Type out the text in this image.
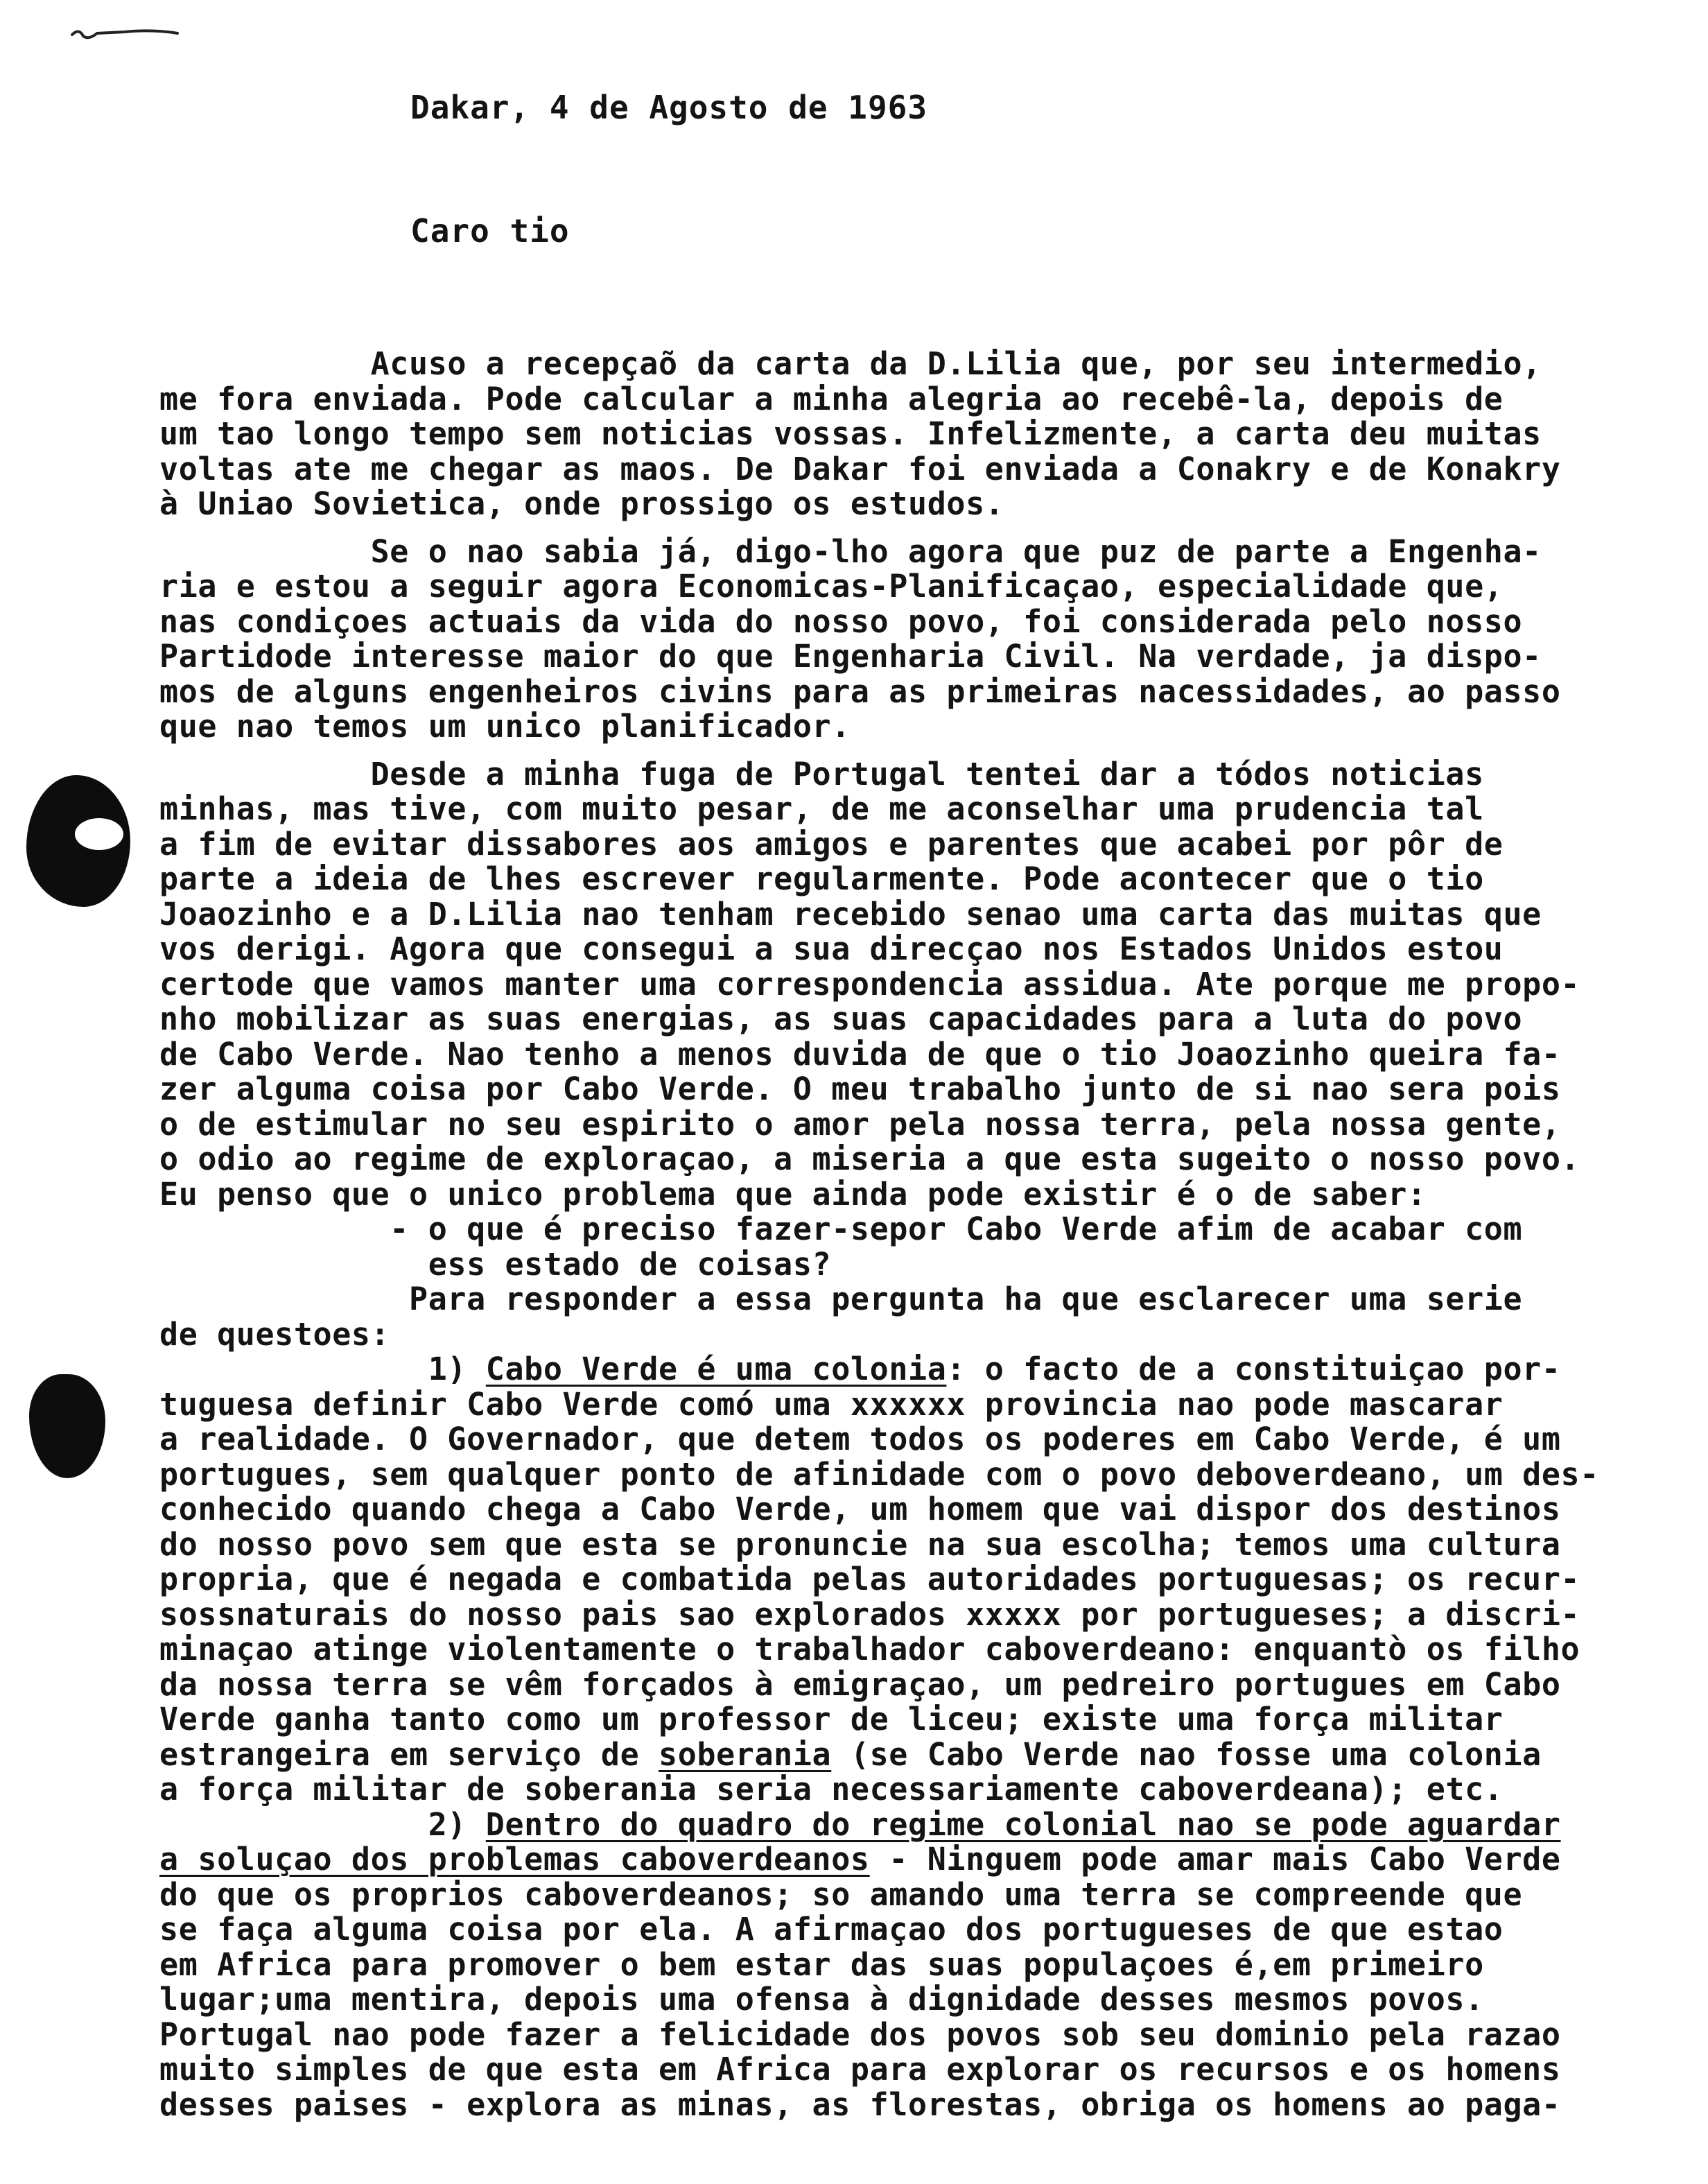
Dakar, 4 de Agosto de 1963
Caro tio
Acuso a recepçaõ da carta da D.Lilia que, por seu intermedio,
me fora enviada. Pode calcular a minha alegria ao recebê-la, depois de
um tao longo tempo sem noticias vossas. Infelizmente, a carta deu muitas
voltas ate me chegar as maos. De Dakar foi enviada a Conakry e de Konakry
à Uniao Sovietica, onde prossigo os estudos.
Se o nao sabia já, digo-lho agora que puz de parte a Engenha-
ria e estou a seguir agora Economicas-Planificaçao, especialidade que,
nas condiçoes actuais da vida do nosso povo, foi considerada pelo nosso
Partidode interesse maior do que Engenharia Civil. Na verdade, ja dispo-
mos de alguns engenheiros civins para as primeiras nacessidades, ao passo
que nao temos um unico planificador.
Desde a minha fuga de Portugal tentei dar a tódos noticias
minhas, mas tive, com muito pesar, de me aconselhar uma prudencia tal
a fim de evitar dissabores aos amigos e parentes que acabei por pôr de
parte a ideia de lhes escrever regularmente. Pode acontecer que o tio
Joaozinho e a D.Lilia nao tenham recebido senao uma carta das muitas que
vos derigi. Agora que consegui a sua direcçao nos Estados Unidos estou
certode que vamos manter uma correspondencia assidua. Ate porque me propo-
nho mobilizar as suas energias, as suas capacidades para a luta do povo
de Cabo Verde. Nao tenho a menos duvida de que o tio Joaozinho queira fa-
zer alguma coisa por Cabo Verde. O meu trabalho junto de si nao sera pois
o de estimular no seu espirito o amor pela nossa terra, pela nossa gente,
o odio ao regime de exploraçao, a miseria a que esta sugeito o nosso povo.
Eu penso que o unico problema que ainda pode existir é o de saber:
- o que é preciso fazer-sepor Cabo Verde afim de acabar com
ess estado de coisas?
Para responder a essa pergunta ha que esclarecer uma serie
de questoes:
1) Cabo Verde é uma colonia: o facto de a constituiçao por-
tuguesa definir Cabo Verde comó uma xxxxxx provincia nao pode mascarar
a realidade. O Governador, que detem todos os poderes em Cabo Verde, é um
portugues, sem qualquer ponto de afinidade com o povo deboverdeano, um des-
conhecido quando chega a Cabo Verde, um homem que vai dispor dos destinos
do nosso povo sem que esta se pronuncie na sua escolha; temos uma cultura
propria, que é negada e combatida pelas autoridades portuguesas; os recur-
sossnaturais do nosso pais sao explorados xxxxx por portugueses; a discri-
minaçao atinge violentamente o trabalhador caboverdeano: enquantò os filho
da nossa terra se vêm forçados à emigraçao, um pedreiro portugues em Cabo
Verde ganha tanto como um professor de liceu; existe uma força militar
estrangeira em serviço de soberania (se Cabo Verde nao fosse uma colonia
a força militar de soberania seria necessariamente caboverdeana); etc.
2) Dentro do quadro do regime colonial nao se pode aguardar
a soluçao dos problemas caboverdeanos - Ninguem pode amar mais Cabo Verde
do que os proprios caboverdeanos; so amando uma terra se compreende que
se faça alguma coisa por ela. A afirmaçao dos portugueses de que estao
em Africa para promover o bem estar das suas populaçoes é,em primeiro
lugar;uma mentira, depois uma ofensa à dignidade desses mesmos povos.
Portugal nao pode fazer a felicidade dos povos sob seu dominio pela razao
muito simples de que esta em Africa para explorar os recursos e os homens
desses paises - explora as minas, as florestas, obriga os homens ao paga-
